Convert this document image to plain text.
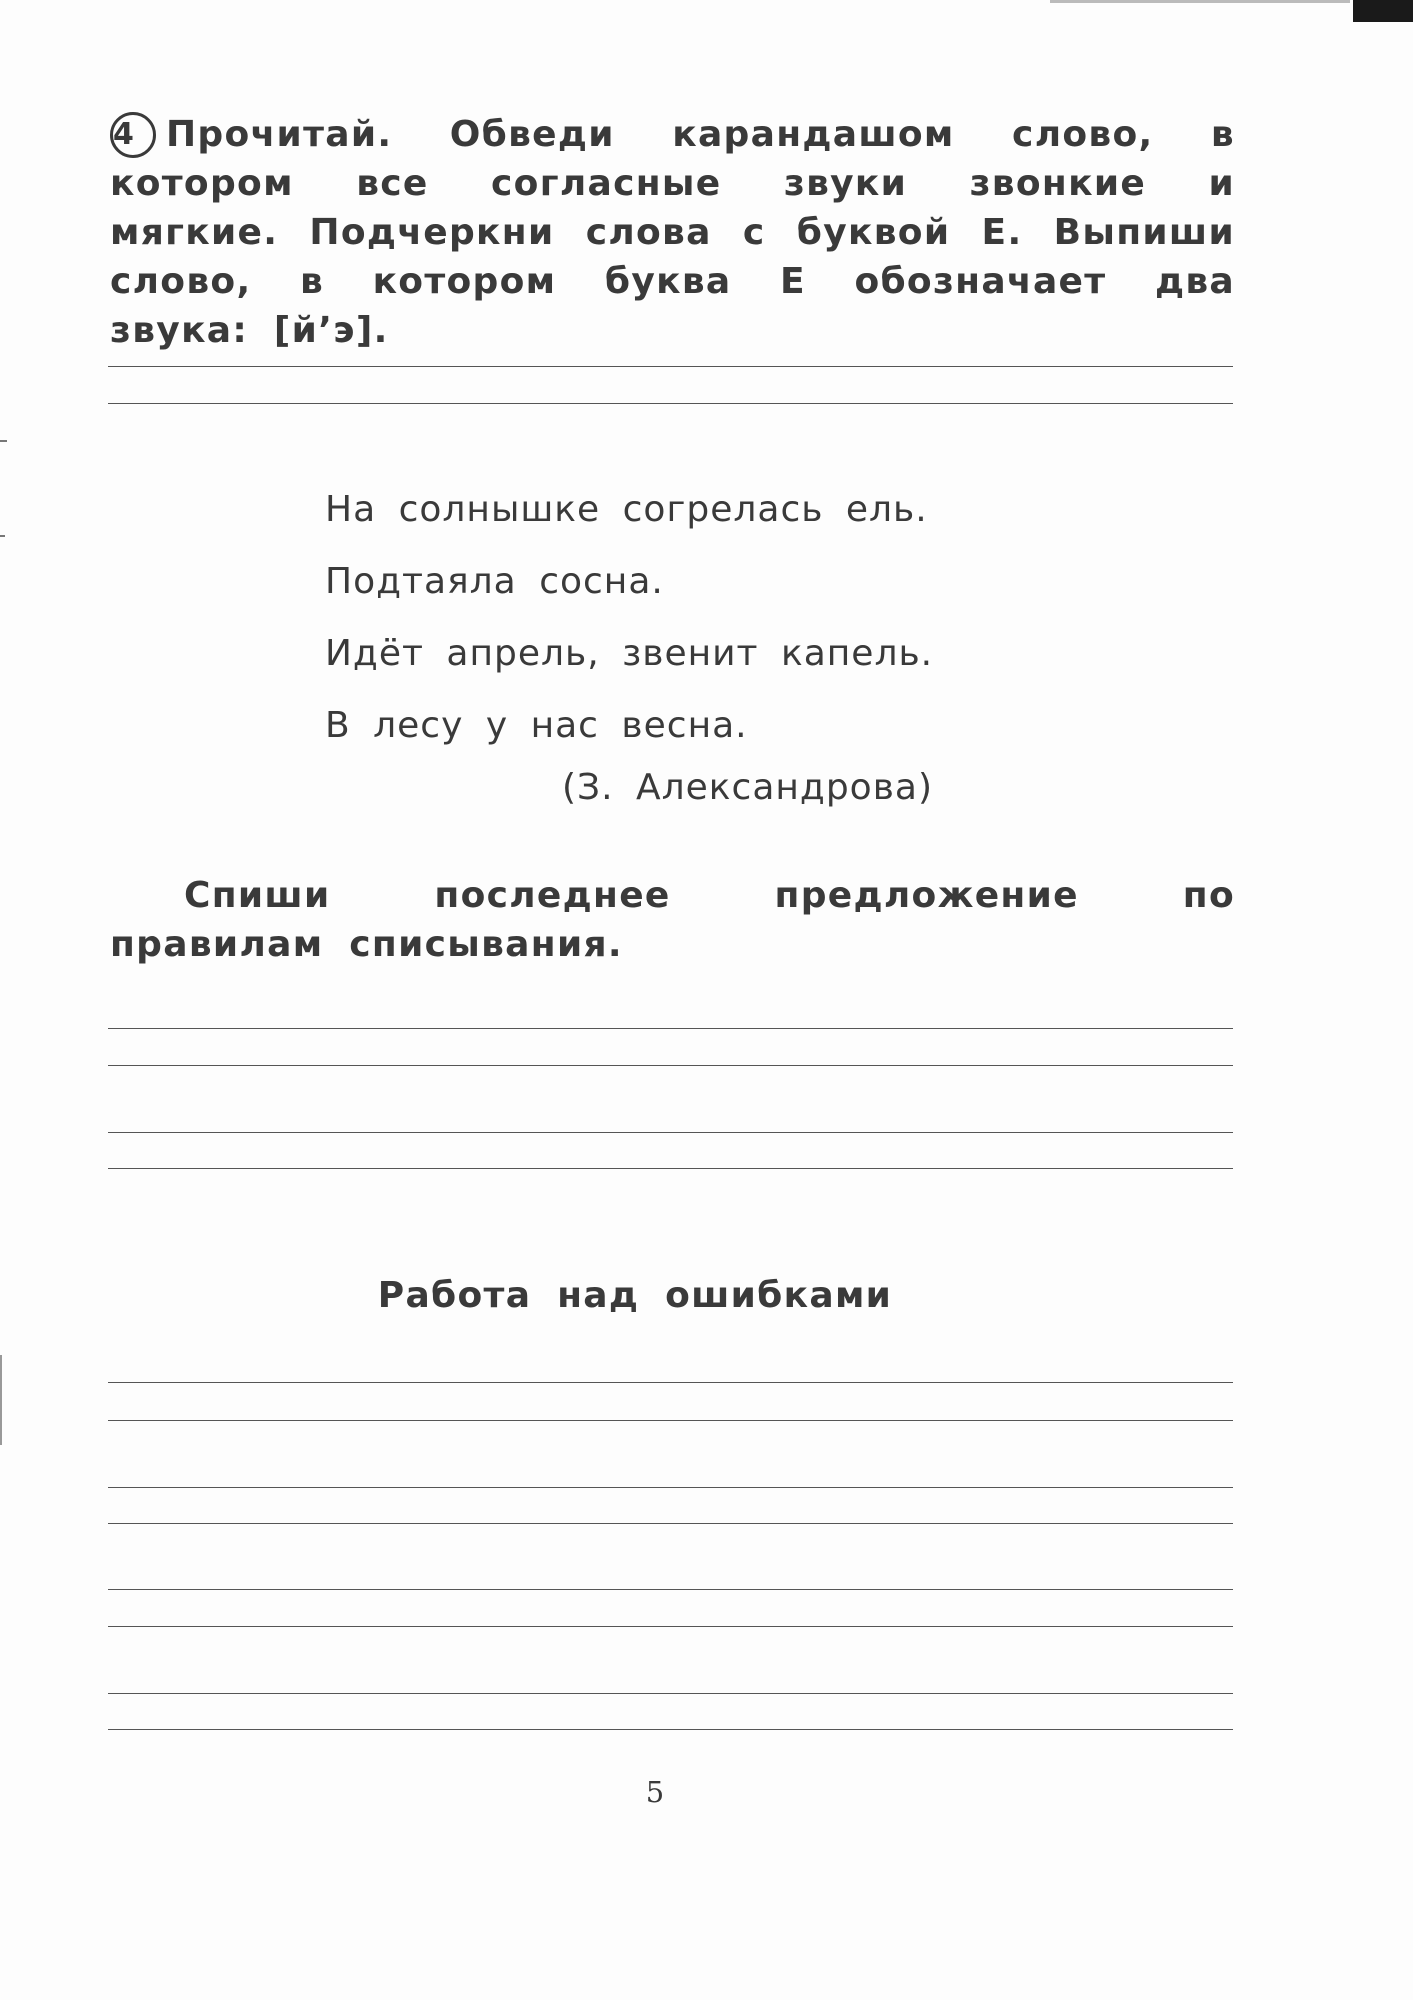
4 Прочитай. Обведи карандашом слово, в котором все согласные звуки звонкие и мягкие. Подчеркни слова с буквой Е. Выпиши слово, в котором буква Е обозначает два звука: [й’э].
На солнышке согрелась ель.
Подтаяла сосна.
Идёт апрель, звенит капель.
В лесу у нас весна.
(З. Александрова)
Спиши последнее предложение по правилам списывания.
Работа над ошибками
5
